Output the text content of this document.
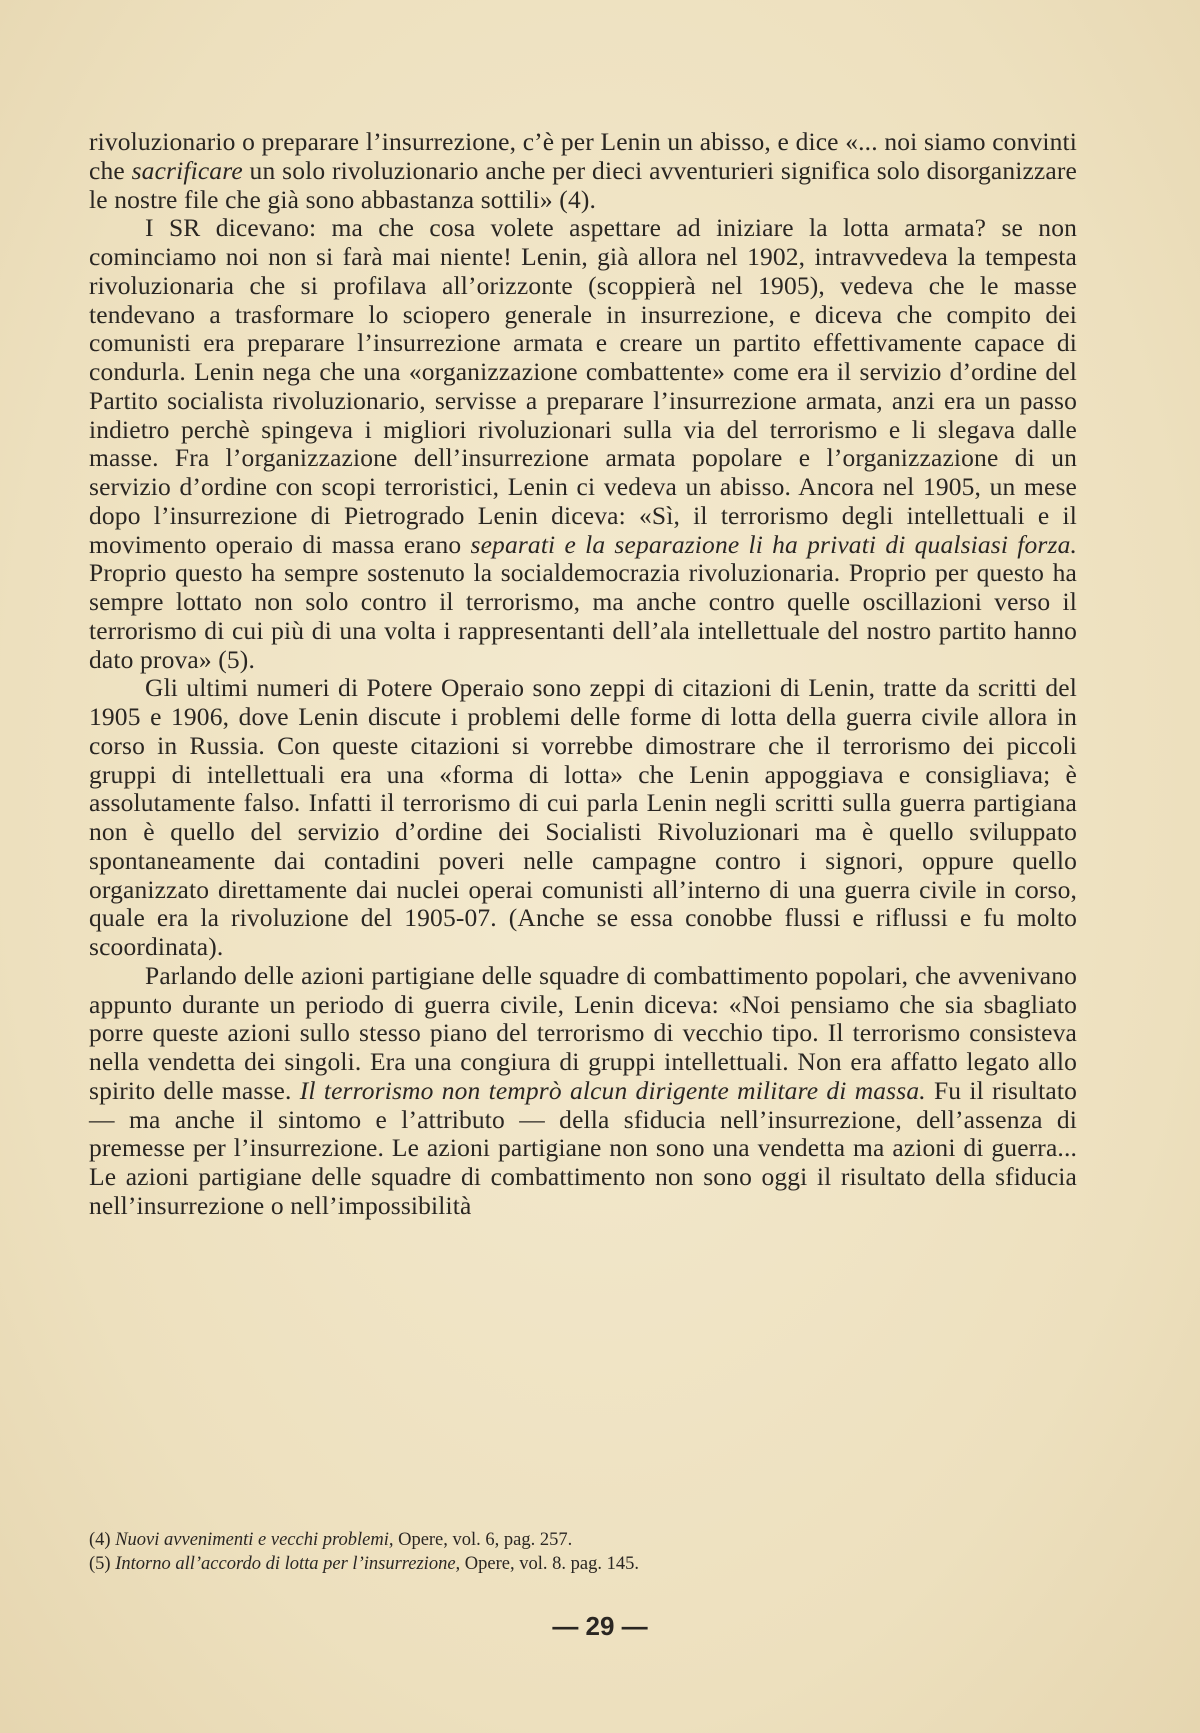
rivoluzionario o preparare l’insurrezione, c’è per Lenin un abisso, e dice «... noi siamo convinti che sacrificare un solo rivoluzionario anche per dieci avventurieri significa solo disorganizzare le nostre file che già sono abbastanza sottili» (4).

I SR dicevano: ma che cosa volete aspettare ad iniziare la lotta armata? se non cominciamo noi non si farà mai niente! Lenin, già allora nel 1902, intravvedeva la tempesta rivoluzionaria che si profilava all’orizzonte (scoppierà nel 1905), vedeva che le masse tendevano a trasformare lo sciopero generale in insurrezione, e diceva che compito dei comunisti era preparare l’insurrezione armata e creare un partito effettivamente capace di condurla. Lenin nega che una «organizzazione combattente» come era il servizio d’ordine del Partito socialista rivoluzionario, servisse a preparare l’insurrezione armata, anzi era un passo indietro perchè spingeva i migliori rivoluzionari sulla via del terrorismo e li slegava dalle masse. Fra l’organizzazione dell’insurrezione armata popolare e l’organizzazione di un servizio d’ordine con scopi terroristici, Lenin ci vedeva un abisso. Ancora nel 1905, un mese dopo l’insurrezione di Pietrogrado Lenin diceva: «Sì, il terrorismo degli intellettuali e il movimento operaio di massa erano separati e la separazione li ha privati di qualsiasi forza. Proprio questo ha sempre sostenuto la socialdemocrazia rivoluzionaria. Proprio per questo ha sempre lottato non solo contro il terrorismo, ma anche contro quelle oscillazioni verso il terrorismo di cui più di una volta i rappresentanti dell’ala intellettuale del nostro partito hanno dato prova» (5).

Gli ultimi numeri di Potere Operaio sono zeppi di citazioni di Lenin, tratte da scritti del 1905 e 1906, dove Lenin discute i problemi delle forme di lotta della guerra civile allora in corso in Russia. Con queste citazioni si vorrebbe dimostrare che il terrorismo dei piccoli gruppi di intellettuali era una «forma di lotta» che Lenin appoggiava e consigliava; è assolutamente falso. Infatti il terrorismo di cui parla Lenin negli scritti sulla guerra partigiana non è quello del servizio d’ordine dei Socialisti Rivoluzionari ma è quello sviluppato spontaneamente dai contadini poveri nelle campagne contro i signori, oppure quello organizzato direttamente dai nuclei operai comunisti all’interno di una guerra civile in corso, quale era la rivoluzione del 1905-07. (Anche se essa conobbe flussi e riflussi e fu molto scoordinata).

Parlando delle azioni partigiane delle squadre di combattimento popolari, che avvenivano appunto durante un periodo di guerra civile, Lenin diceva: «Noi pensiamo che sia sbagliato porre queste azioni sullo stesso piano del terrorismo di vecchio tipo. Il terrorismo consisteva nella vendetta dei singoli. Era una congiura di gruppi intellettuali. Non era affatto legato allo spirito delle masse. Il terrorismo non temprò alcun dirigente militare di massa. Fu il risultato — ma anche il sintomo e l’attributo — della sfiducia nell’insurrezione, dell’assenza di premesse per l’insurrezione. Le azioni partigiane non sono una vendetta ma azioni di guerra... Le azioni partigiane delle squadre di combattimento non sono oggi il risultato della sfiducia nell’insurrezione o nell’impossibilità

(4) Nuovi avvenimenti e vecchi problemi, Opere, vol. 6, pag. 257.

(5) Intorno all’accordo di lotta per l’insurrezione, Opere, vol. 8. pag. 145.

— 29 —
